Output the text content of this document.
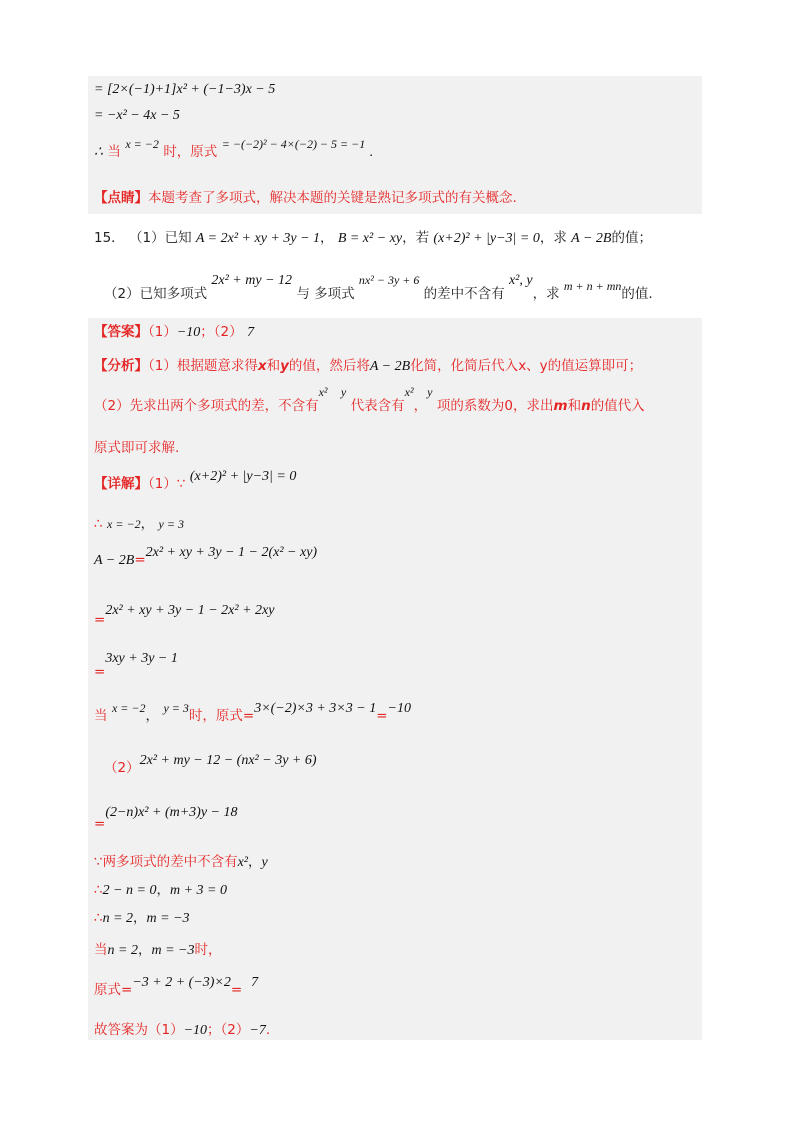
= [2×(−1)+1]x² + (−1−3)x − 5
= −x² − 4x − 5
∴ 当 x = −2 时，原式 = −(−2)² − 4×(−2) − 5 = −1 .
【点睛】本题考查了多项式，解决本题的关键是熟记多项式的有关概念.
15． （1）已知 A = 2x² + xy + 3y − 1， B = x² − xy，若 (x+2)² + |y−3| = 0，求 A − 2B的值；
（2）已知多项式 2x² + my − 12 与 多项式 nx² − 3y + 6 的差中不含有 x², y，求 m + n + mn的值.
【答案】（1）−10；（2） 7
【分析】（1）根据题意求得x和y的值，然后将A − 2B化简，化简后代入x、y的值运算即可；
（2）先求出两个多项式的差，不含有x² y 代表含有x²，y 项的系数为0，求出m和n的值代入
原式即可求解.
【详解】（1）∵ (x+2)² + |y−3| = 0
∴ x = −2， y = 3
A − 2B=2x² + xy + 3y − 1 − 2(x² − xy)
=2x² + xy + 3y − 1 − 2x² + 2xy
=3xy + 3y − 1
当 x = −2， y = 3时，原式=3×(−2)×3 + 3×3 − 1=−10
（2）2x² + my − 12 − (nx² − 3y + 6)
=(2−n)x² + (m+3)y − 18
∵两多项式的差中不含有x²，y
∴2 − n = 0，m + 3 = 0
∴n = 2，m = −3
当n = 2，m = −3时，
原式=−3 + 2 + (−3)×2= 7
故答案为（1）−10；（2）−7.
